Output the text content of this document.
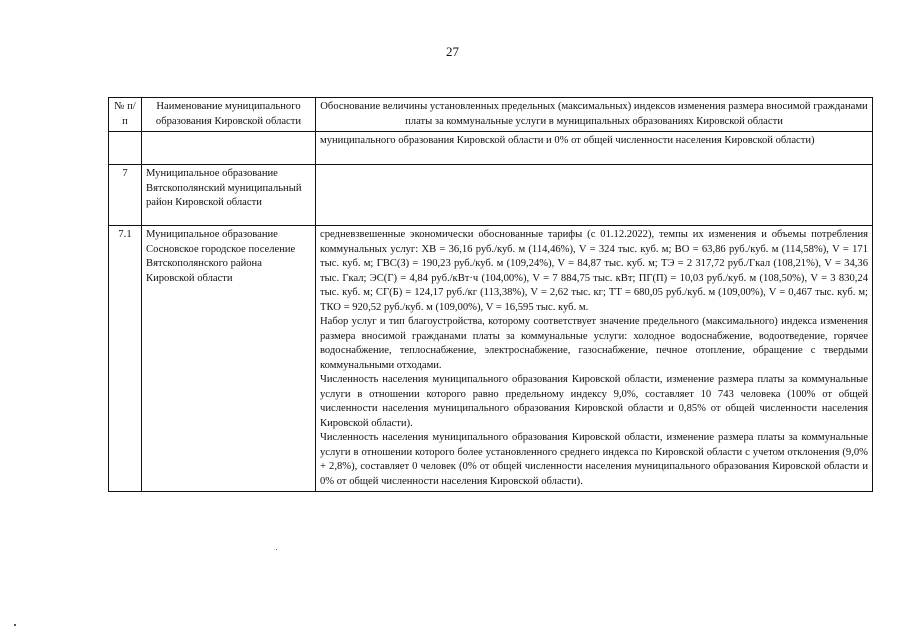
27
№ п/п	Наименование муниципального образования Кировской области	Обоснование величины установленных предельных (максимальных) индексов изменения размера вносимой гражданами платы за коммунальные услуги в муниципальных образованиях Кировской области
		муниципального образования Кировской области и 0% от общей численности населения Кировской области)
7	Муниципальное образование Вятскополянский муниципальный район Кировской области	
7.1	Муниципальное образование Сосновское городское поселение Вятскополянского района Кировской области	средневзвешенные экономически обоснованные тарифы (с 01.12.2022), темпы их изменения и объемы потребления коммунальных услуг: ХВ = 36,16 руб./куб. м (114,46%), V = 324 тыс. куб. м; ВО = 63,86 руб./куб. м (114,58%), V = 171 тыс. куб. м; ГВС(З) = 190,23 руб./куб. м (109,24%), V = 84,87 тыс. куб. м; ТЭ = 2 317,72 руб./Гкал (108,21%), V = 34,36 тыс. Гкал; ЭС(Г) = 4,84 руб./кВт·ч (104,00%), V = 7 884,75 тыс. кВт; ПГ(П) = 10,03 руб./куб. м (108,50%), V = 3 830,24 тыс. куб. м; СГ(Б) = 124,17 руб./кг (113,38%), V = 2,62 тыс. кг; ТТ = 680,05 руб./куб. м (109,00%), V = 0,467 тыс. куб. м; ТКО = 920,52 руб./куб. м (109,00%), V = 16,595 тыс. куб. м.
Набор услуг и тип благоустройства, которому соответствует значение предельного (максимального) индекса изменения размера вносимой гражданами платы за коммунальные услуги: холодное водоснабжение, водоотведение, горячее водоснабжение, теплоснабжение, электроснабжение, газоснабжение, печное отопление, обращение с твердыми коммунальными отходами.
Численность населения муниципального образования Кировской области, изменение размера платы за коммунальные услуги в отношении которого равно предельному индексу 9,0%, составляет 10 743 человека (100% от общей численности населения муниципального образования Кировской области и 0,85% от общей численности населения Кировской области).
Численность населения муниципального образования Кировской области, изменение размера платы за коммунальные услуги в отношении которого более установленного среднего индекса по Кировской области с учетом отклонения (9,0% + 2,8%), составляет 0 человек (0% от общей численности населения муниципального образования Кировской области и 0% от общей численности населения Кировской области).
